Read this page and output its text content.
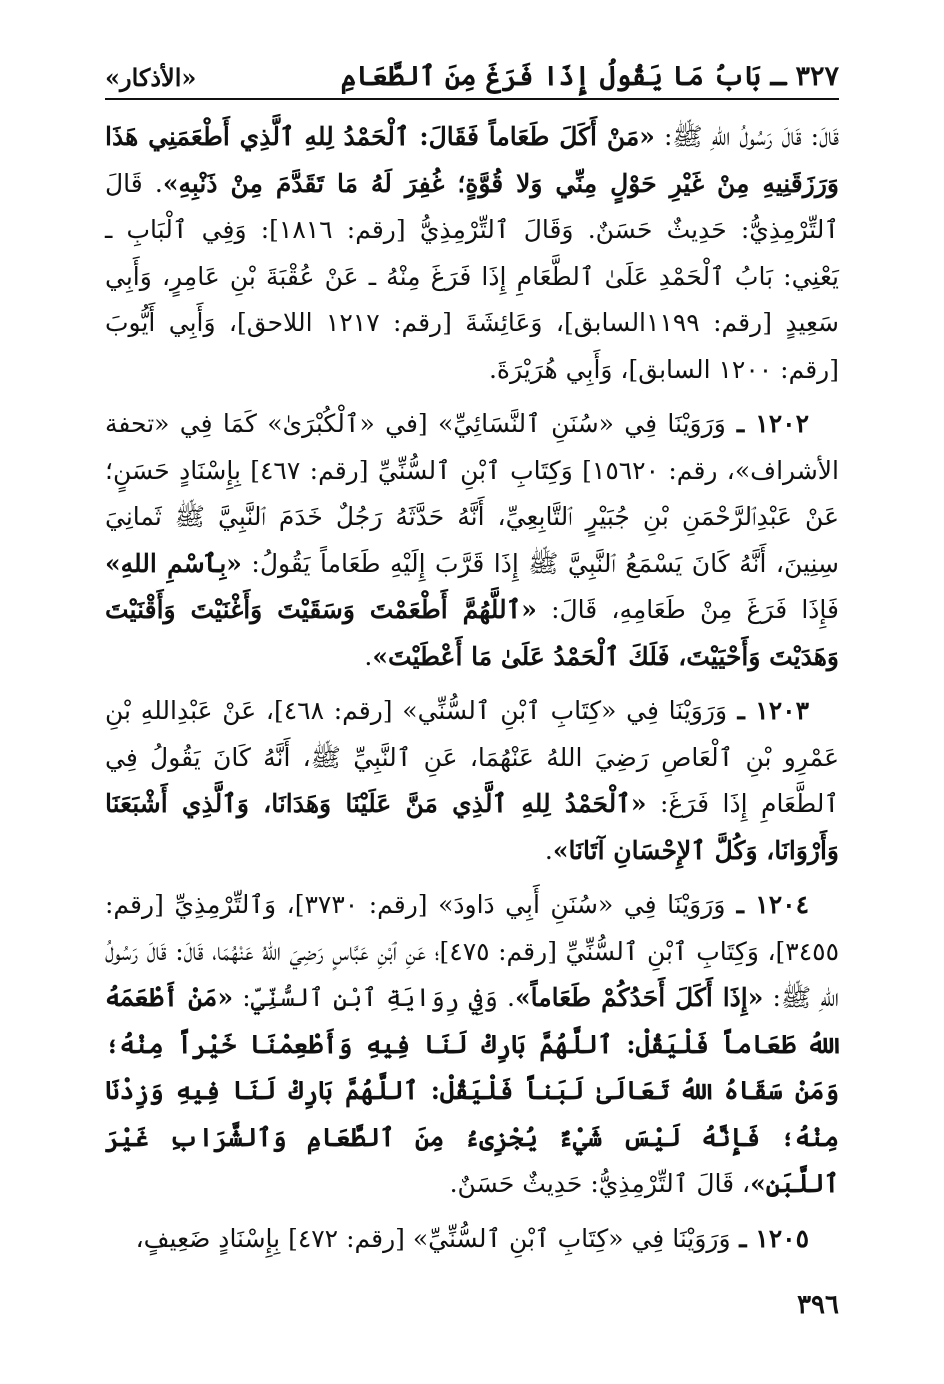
٣٢٧ ـ بَابُ مَا يَقُولُ إِذَا فَرَغَ مِنَ ٱلطَّعَامِ
«الأذكار»

قَالَ: قَالَ رَسُولُ اللهِ ﷺ: «مَنْ أَكَلَ طَعَاماً فَقَالَ: ٱلْحَمْدُ لِلهِ ٱلَّذِي أَطْعَمَنِي هَذَا وَرَزَقَنِيهِ مِنْ غَيْرِ حَوْلٍ مِنِّي وَلا قُوَّةٍ؛ غُفِرَ لَهُ مَا تَقَدَّمَ مِنْ ذَنْبِهِ». قَالَ ٱلتِّرْمِذِيُّ: حَدِيثٌ حَسَنٌ. وَقَالَ ٱلتِّرْمِذِيُّ [رقم: ١٨١٦]: وَفِي ٱلْبَابِ ـ يَعْنِي: بَابُ ٱلْحَمْدِ عَلَىٰ ٱلطَّعَامِ إِذَا فَرَغَ مِنْهُ ـ عَنْ عُقْبَةَ بْنِ عَامِرٍ، وَأَبِي سَعِيدٍ [رقم: ١١٩٩السابق]، وَعَائِشَةَ [رقم: ١٢١٧ اللاحق]، وَأَبِي أَيُّوبَ [رقم: ١٢٠٠ السابق]، وَأَبِي هُرَيْرَةَ.

١٢٠٢ ـ وَرَوَيْنَا فِي «سُنَنِ ٱلنَّسَائِيِّ» [في «ٱلْكُبْرَىٰ» كَمَا فِي «تحفة الأشراف»، رقم: ١٥٦٢٠] وَكِتَابِ ٱبْنِ ٱلسُّنِّيِّ [رقم: ٤٦٧] بِإِسْنَادٍ حَسَنٍ؛ عَنْ عَبْدِٱلرَّحْمَنِ بْنِ جُبَيْرٍ ٱلتَّابِعِيِّ، أَنَّهُ حَدَّثَهُ رَجُلٌ خَدَمَ ٱلنَّبِيَّ ﷺ ثَمانِيَ سِنِينَ، أَنَّهُ كَانَ يَسْمَعُ ٱلنَّبِيَّ ﷺ إِذَا قَرَّبَ إِلَيْهِ طَعَاماً يَقُولُ: «بِٱسْمِ اللهِ» فَإِذَا فَرَغَ مِنْ طَعَامِهِ، قَالَ: «ٱللَّهُمَّ أَطْعَمْتَ وَسَقَيْتَ وَأَغْنَيْتَ وَأَقْنَيْتَ وَهَدَيْتَ وَأَحْيَيْتَ، فَلَكَ ٱلْحَمْدُ عَلَىٰ مَا أَعْطَيْتَ».

١٢٠٣ ـ وَرَوَيْنَا فِي «كِتَابِ ٱبْنِ ٱلسُّنِّي» [رقم: ٤٦٨]، عَنْ عَبْدِاللهِ بْنِ عَمْرِو بْنِ ٱلْعَاصِ رَضِيَ اللهُ عَنْهُمَا، عَنِ ٱلنَّبِيِّ ﷺ، أَنَّهُ كَانَ يَقُولُ فِي ٱلطَّعَامِ إِذَا فَرَغَ: «ٱلْحَمْدُ لِلهِ ٱلَّذِي مَنَّ عَلَيْنَا وَهَدَانَا، وَٱلَّذِي أَشْبَعَنَا وَأَرْوَانَا، وَكُلَّ ٱلإِحْسَانِ آتَانَا».

١٢٠٤ ـ وَرَوَيْنَا فِي «سُنَنِ أَبِي دَاودَ» [رقم: ٣٧٣٠]، وَٱلتِّرْمِذِيِّ [رقم: ٣٤٥٥]، وَكِتَابِ ٱبْنِ ٱلسُّنِّيِّ [رقم: ٤٧٥]؛ عَنِ ٱبْنِ عَبَّاسٍ رَضِيَ اللهُ عَنْهُمَا، قَالَ: قَالَ رَسُولُ اللهِ ﷺ: «إِذَا أَكَلَ أَحَدُكُمْ طَعَاماً». وَفِي رِوَايَةِ ٱبْنِ ٱلسُّنِّيِّ: «مَنْ أَطْعَمَهُ اللهُ طَعَاماً فَلْيَقُلْ: ٱللَّهُمَّ بَارِكْ لَنَا فِيهِ وَأَطْعِمْنَا خَيْراً مِنْهُ؛ وَمَنْ سَقَاهُ اللهُ تَعَالَىٰ لَبَناً فَلْيَقُلْ: ٱللَّهُمَّ بَارِكْ لَنَا فِيهِ وَزِدْنَا مِنْهُ؛ فَإِنَّهُ لَيْسَ شَيْءٌ يُجْزِىءُ مِنَ ٱلطَّعَامِ وَٱلشَّرَابِ غَيْرَ ٱللَّبَنِ»، قَالَ ٱلتِّرْمِذِيُّ: حَدِيثٌ حَسَنٌ.

١٢٠٥ ـ وَرَوَيْنَا فِي «كِتَابِ ٱبْنِ ٱلسُّنِّيِّ» [رقم: ٤٧٢] بِإِسْنَادٍ ضَعِيفٍ،

٣٩٦
